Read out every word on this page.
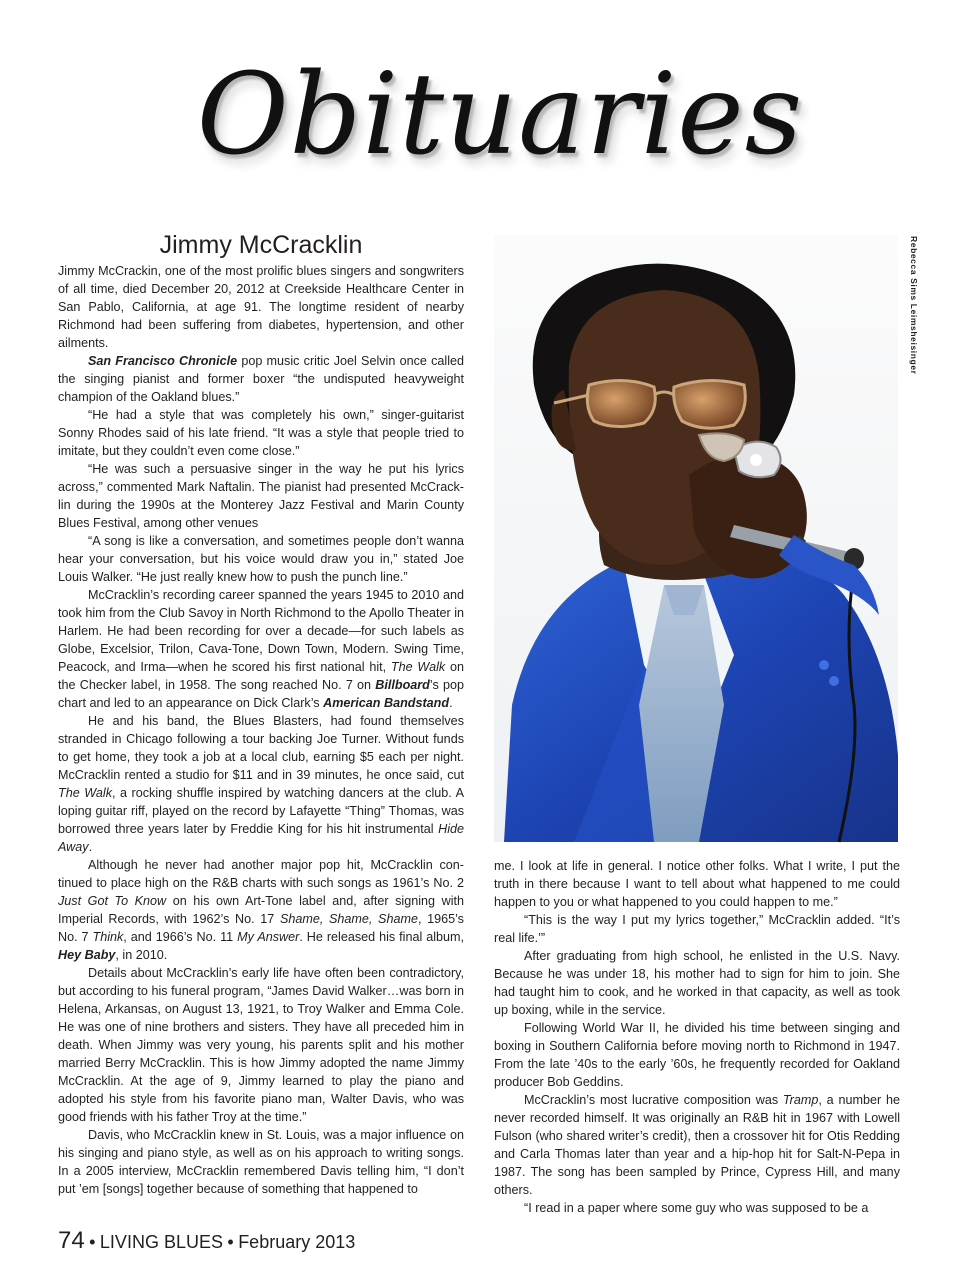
Obituaries
Jimmy McCracklin

Jimmy McCrackin, one of the most prolific blues singers and songwriters of all time, died December 20, 2012 at Creekside Healthcare Center in San Pablo, California, at age 91. The longtime resident of nearby Richmond had been suffering from diabetes, hypertension, and other ailments.

San Francisco Chronicle pop music critic Joel Selvin once called the singing pianist and former boxer “the undisputed heavyweight champion of the Oakland blues.”

“He had a style that was completely his own,” singer-guitarist Sonny Rhodes said of his late friend. “It was a style that people tried to imitate, but they couldn’t even come close.”

“He was such a persuasive singer in the way he put his lyrics across,” commented Mark Naftalin. The pianist had presented McCrack-lin during the 1990s at the Monterey Jazz Festival and Marin County Blues Festival, among other venues

“A song is like a conversation, and sometimes people don’t wanna hear your conversation, but his voice would draw you in,” stated Joe Louis Walker. “He just really knew how to push the punch line.”

McCracklin’s recording career spanned the years 1945 to 2010 and took him from the Club Savoy in North Richmond to the Apollo Theater in Harlem. He had been recording for over a decade—for such labels as Globe, Excelsior, Trilon, Cava-Tone, Down Town, Modern. Swing Time, Peacock, and Irma—when he scored his first national hit, The Walk on the Checker label, in 1958. The song reached No. 7 on Billboard’s pop chart and led to an appearance on Dick Clark’s American Bandstand.

He and his band, the Blues Blasters, had found themselves stranded in Chicago following a tour backing Joe Turner. Without funds to get home, they took a job at a local club, earning $5 each per night. McCracklin rented a studio for $11 and in 39 minutes, he once said, cut The Walk, a rocking shuffle inspired by watching dancers at the club. A loping guitar riff, played on the record by Lafayette “Thing” Thomas, was borrowed three years later by Freddie King for his hit instrumental Hide Away.

Although he never had another major pop hit, McCracklin con-tinued to place high on the R&B charts with such songs as 1961’s No. 2 Just Got To Know on his own Art-Tone label and, after signing with Imperial Records, with 1962’s No. 17 Shame, Shame, Shame, 1965’s No. 7 Think, and 1966’s No. 11 My Answer. He released his final album, Hey Baby, in 2010.

Details about McCracklin’s early life have often been contradictory, but according to his funeral program, “James David Walker…was born in Helena, Arkansas, on August 13, 1921, to Troy Walker and Emma Cole. He was one of nine brothers and sisters. They have all preceded him in death. When Jimmy was very young, his parents split and his mother married Berry McCracklin. This is how Jimmy adopted the name Jimmy McCracklin. At the age of 9, Jimmy learned to play the piano and adopted his style from his favorite piano man, Walter Davis, who was good friends with his father Troy at the time.”

Davis, who McCracklin knew in St. Louis, was a major influence on his singing and piano style, as well as on his approach to writing songs. In a 2005 interview, McCracklin remembered Davis telling him, “I don’t put ’em [songs] together because of something that happened to

Rebecca Sims Leimsheisinger

me. I look at life in general. I notice other folks. What I write, I put the truth in there because I want to tell about what happened to me could happen to you or what happened to you could happen to me.”

“This is the way I put my lyrics together,” McCracklin added. “It’s real life.’”

After graduating from high school, he enlisted in the U.S. Navy. Because he was under 18, his mother had to sign for him to join. She had taught him to cook, and he worked in that capacity, as well as took up boxing, while in the service.

Following World War II, he divided his time between singing and boxing in Southern California before moving north to Richmond in 1947. From the late ’40s to the early ’60s, he frequently recorded for Oakland producer Bob Geddins.

McCracklin’s most lucrative composition was Tramp, a number he never recorded himself. It was originally an R&B hit in 1967 with Lowell Fulson (who shared writer’s credit), then a crossover hit for Otis Redding and Carla Thomas later than year and a hip-hop hit for Salt-N-Pepa in 1987. The song has been sampled by Prince, Cypress Hill, and many others.

“I read in a paper where some guy who was supposed to be a

74 • LIVING BLUES • February 2013
